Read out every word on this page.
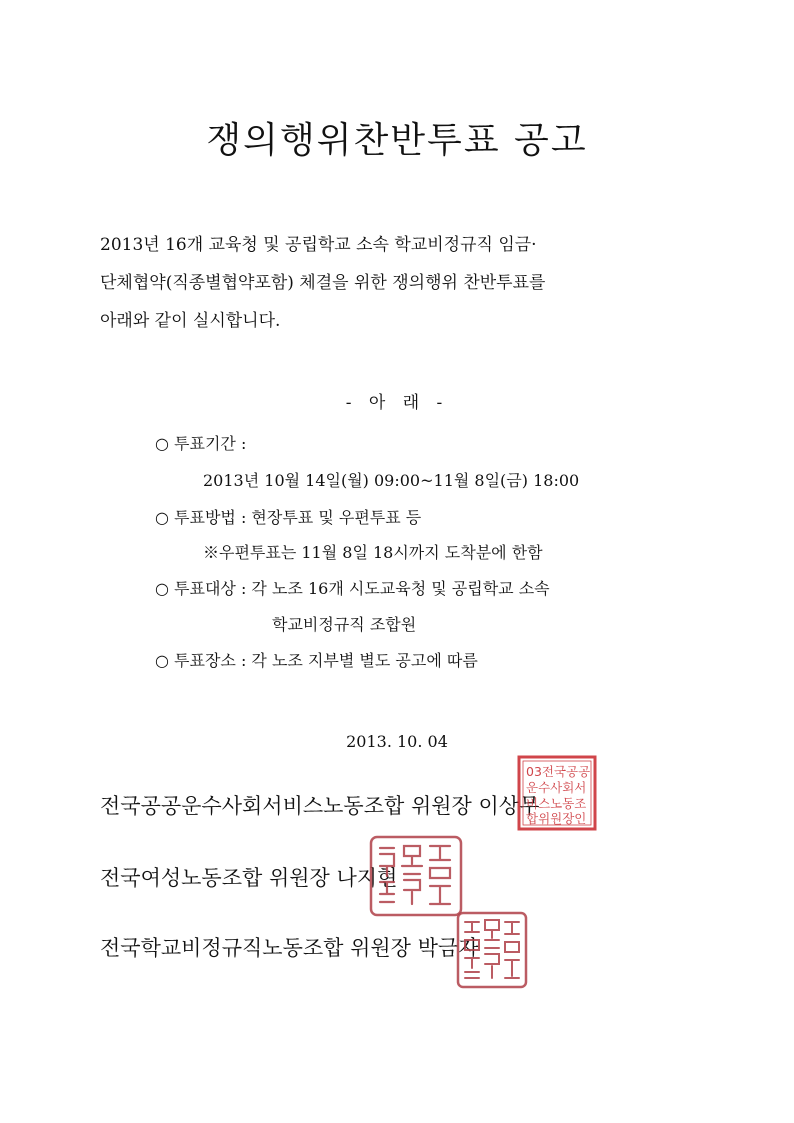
쟁의행위찬반투표 공고
2013년 16개 교육청 및 공립학교 소속 학교비정규직 임금·
단체협약(직종별협약포함) 체결을 위한 쟁의행위 찬반투표를
아래와 같이 실시합니다.
- 아 래 -
○ 투표기간 :
2013년 10월 14일(월) 09:00~11월 8일(금) 18:00
○ 투표방법 : 현장투표 및 우편투표 등
※우편투표는 11월 8일 18시까지 도착분에 한함
○ 투표대상 : 각 노조 16개 시도교육청 및 공립학교 소속
학교비정규직 조합원
○ 투표장소 : 각 노조 지부별 별도 공고에 따름
2013. 10. 04
전국공공운수사회서비스노동조합 위원장 이상무
전국여성노동조합 위원장 나지현
전국학교비정규직노동조합 위원장 박금자
03전국공공
운수사회서
비스노동조
합위원장인
